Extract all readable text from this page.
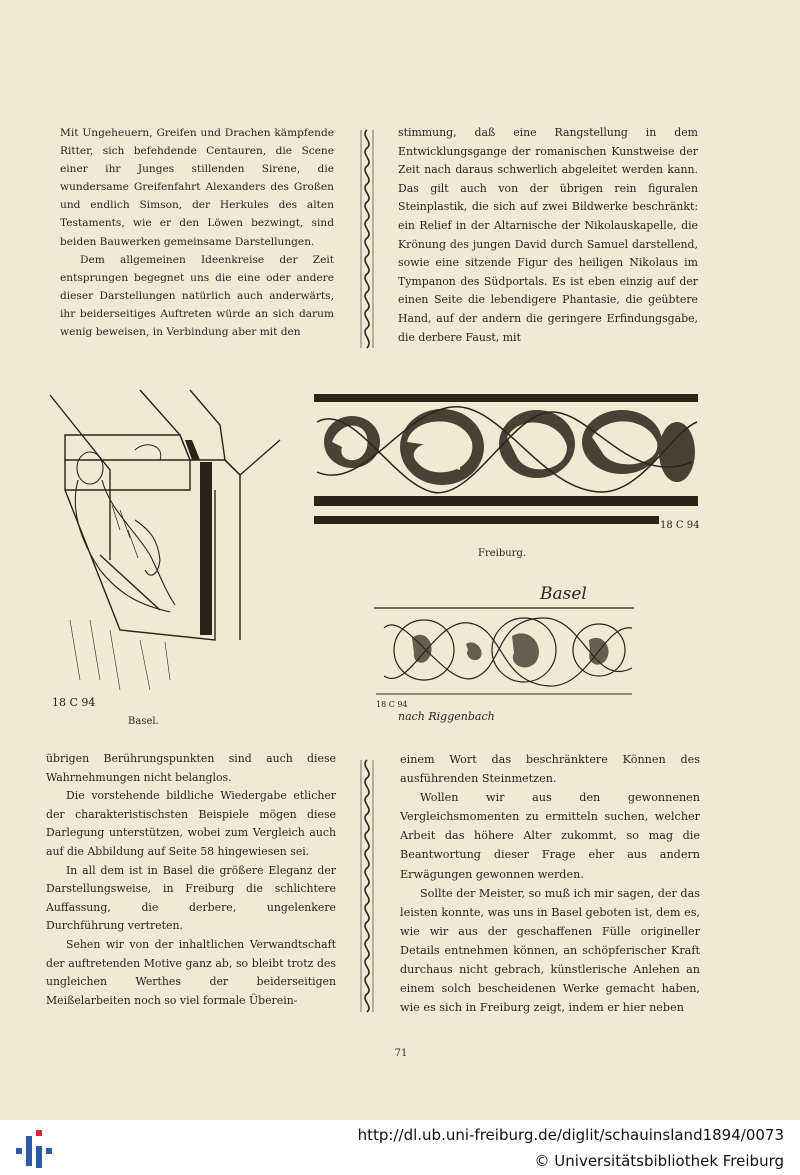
Mit Ungeheuern, Greifen und Drachen kämpfende Ritter, sich befehdende Centauren, die Scene einer ihr Junges stillenden Sirene, die wundersame Greifenfahrt Alexanders des Großen und endlich Simson, der Herkules des alten Testaments, wie er den Löwen bezwingt, sind beiden Bauwerken gemeinsame Darstellungen.

Dem allgemeinen Ideenkreise der Zeit entsprungen begegnet uns die eine oder andere dieser Darstellungen natürlich auch anderwärts, ihr beiderseitiges Auftreten würde an sich darum wenig beweisen, in Verbindung aber mit den

stimmung, daß eine Rangstellung in dem Entwicklungsgange der romanischen Kunstweise der Zeit nach daraus schwerlich abgeleitet werden kann. Das gilt auch von der übrigen rein figuralen Steinplastik, die sich auf zwei Bildwerke beschränkt: ein Relief in der Altarnische der Nikolauskapelle, die Krönung des jungen David durch Samuel darstellend, sowie eine sitzende Figur des heiligen Nikolaus im Tympanon des Südportals. Es ist eben einzig auf der einen Seite die lebendigere Phantasie, die geübtere Hand, auf der andern die geringere Erfindungsgabe, die derbere Faust, mit

übrigen Berührungspunkten sind auch diese Wahrnehmungen nicht belanglos.

Die vorstehende bildliche Wiedergabe etlicher der charakteristischsten Beispiele mögen diese Darlegung unterstützen, wobei zum Vergleich auch auf die Abbildung auf Seite 58 hingewiesen sei.

In all dem ist in Basel die größere Eleganz der Darstellungsweise, in Freiburg die schlichtere Auffassung, die derbere, ungelenkere Durchführung vertreten.

Sehen wir von der inhaltlichen Verwandtschaft der auftretenden Motive ganz ab, so bleibt trotz des ungleichen Werthes der beiderseitigen Meißelarbeiten noch so viel formale Überein-

einem Wort das beschränktere Können des ausführenden Steinmetzen.

Wollen wir aus den gewonnenen Vergleichsmomenten zu ermitteln suchen, welcher Arbeit das höhere Alter zukommt, so mag die Beantwortung dieser Frage eher aus andern Erwägungen gewonnen werden.

Sollte der Meister, so muß ich mir sagen, der das leisten konnte, was uns in Basel geboten ist, dem es, wie wir aus der geschaffenen Fülle origineller Details entnehmen können, an schöpferischer Kraft durchaus nicht gebrach, künstlerische Anlehen an einem solch bescheidenen Werke gemacht haben, wie es sich in Freiburg zeigt, indem er hier neben

18 C 94
Basel.
18 C 94
Freiburg.
Basel
18 C 94
nach Riggenbach
71
http://dl.ub.uni-freiburg.de/diglit/schauinsland1894/0073
© Universitätsbibliothek Freiburg
